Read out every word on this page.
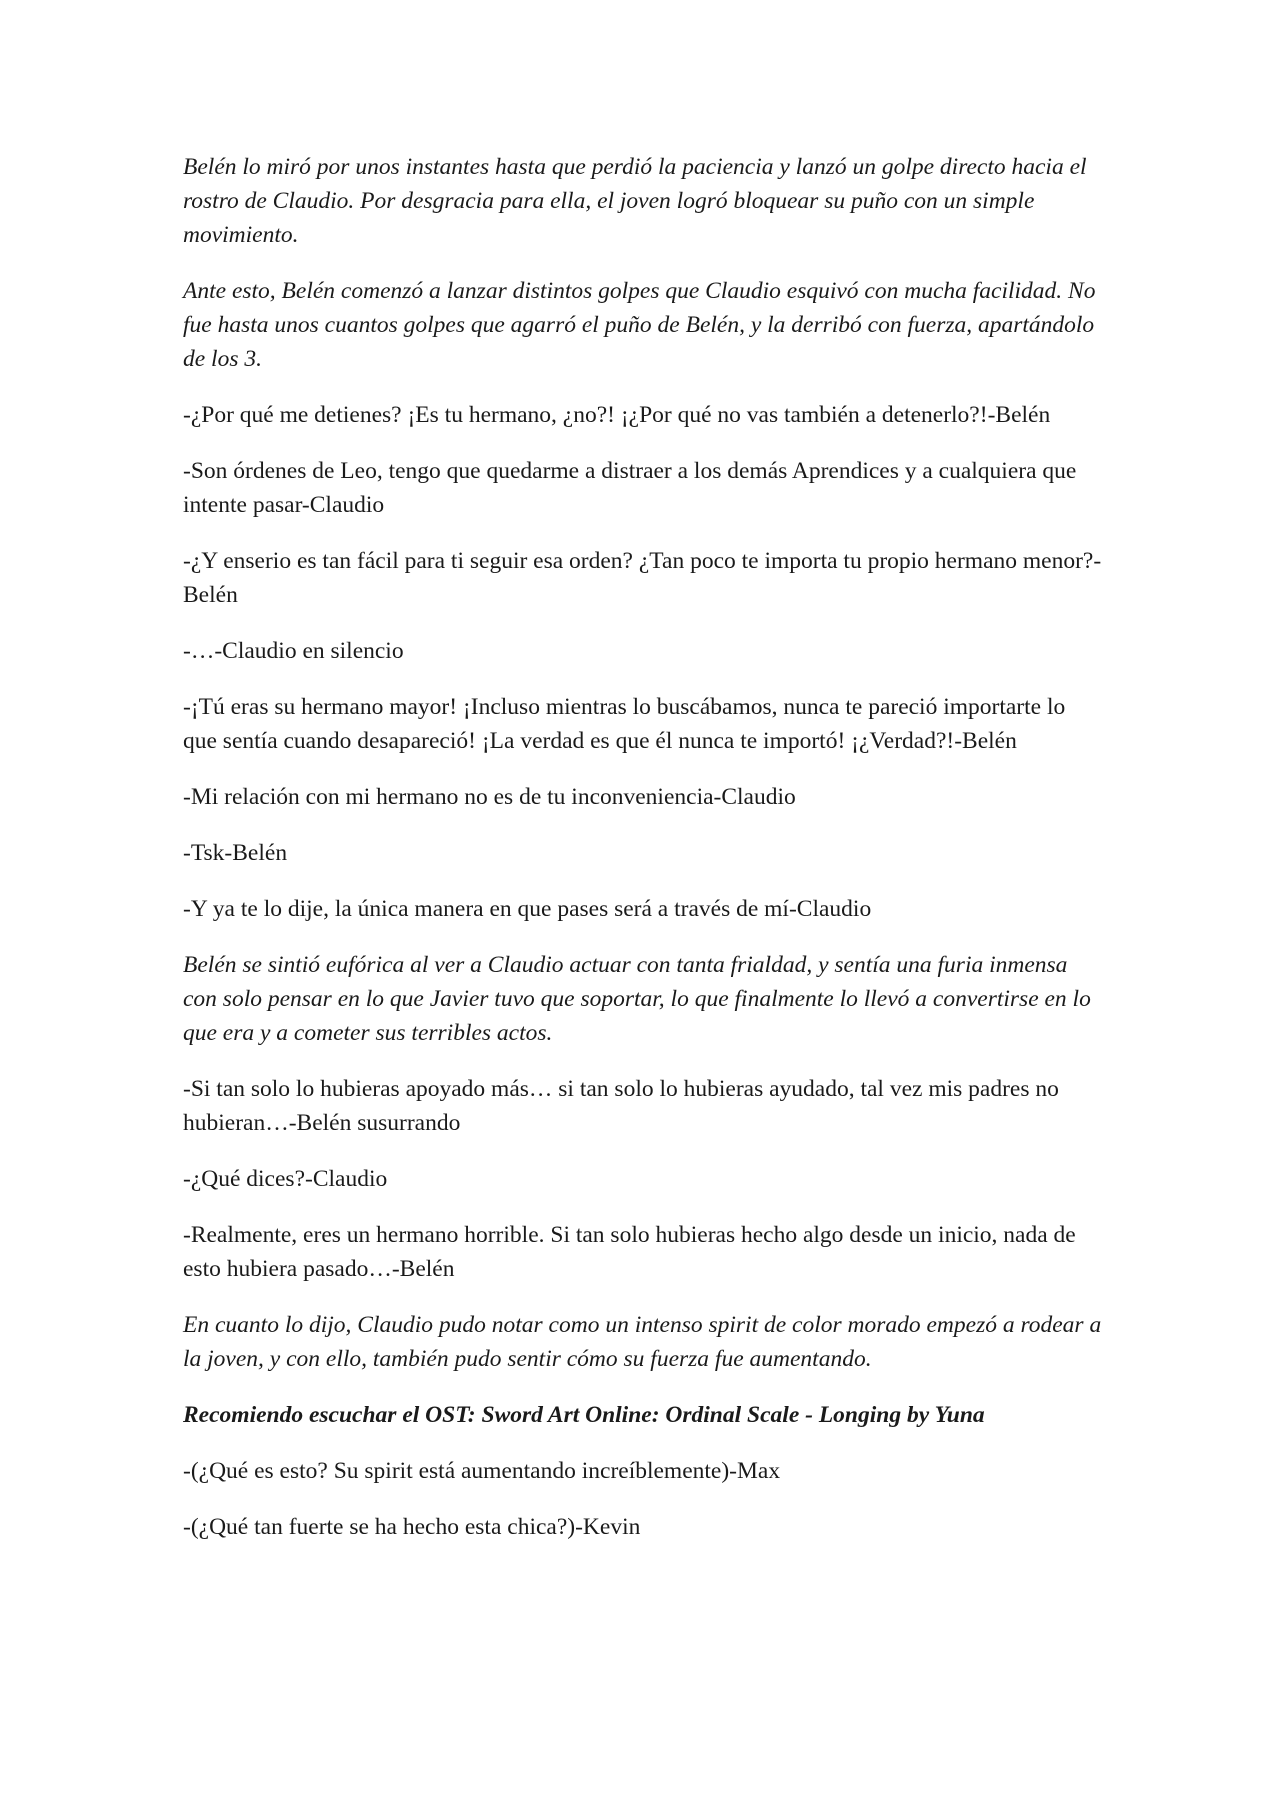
Belén lo miró por unos instantes hasta que perdió la paciencia y lanzó un golpe directo hacia el rostro de Claudio. Por desgracia para ella, el joven logró bloquear su puño con un simple movimiento.

Ante esto, Belén comenzó a lanzar distintos golpes que Claudio esquivó con mucha facilidad. No fue hasta unos cuantos golpes que agarró el puño de Belén, y la derribó con fuerza, apartándolo de los 3.

-¿Por qué me detienes? ¡Es tu hermano, ¿no?! ¡¿Por qué no vas también a detenerlo?!-Belén

-Son órdenes de Leo, tengo que quedarme a distraer a los demás Aprendices y a cualquiera que intente pasar-Claudio

-¿Y enserio es tan fácil para ti seguir esa orden? ¿Tan poco te importa tu propio hermano menor?-Belén

-…-Claudio en silencio

-¡Tú eras su hermano mayor! ¡Incluso mientras lo buscábamos, nunca te pareció importarte lo que sentía cuando desapareció! ¡La verdad es que él nunca te importó! ¡¿Verdad?!-Belén

-Mi relación con mi hermano no es de tu inconveniencia-Claudio

-Tsk-Belén

-Y ya te lo dije, la única manera en que pases será a través de mí-Claudio

Belén se sintió eufórica al ver a Claudio actuar con tanta frialdad, y sentía una furia inmensa con solo pensar en lo que Javier tuvo que soportar, lo que finalmente lo llevó a convertirse en lo que era y a cometer sus terribles actos.

-Si tan solo lo hubieras apoyado más… si tan solo lo hubieras ayudado, tal vez mis padres no hubieran…-Belén susurrando

-¿Qué dices?-Claudio

-Realmente, eres un hermano horrible. Si tan solo hubieras hecho algo desde un inicio, nada de esto hubiera pasado…-Belén

En cuanto lo dijo, Claudio pudo notar como un intenso spirit de color morado empezó a rodear a la joven, y con ello, también pudo sentir cómo su fuerza fue aumentando.

Recomiendo escuchar el OST: Sword Art Online: Ordinal Scale - Longing by Yuna

-(¿Qué es esto? Su spirit está aumentando increíblemente)-Max

-(¿Qué tan fuerte se ha hecho esta chica?)-Kevin
